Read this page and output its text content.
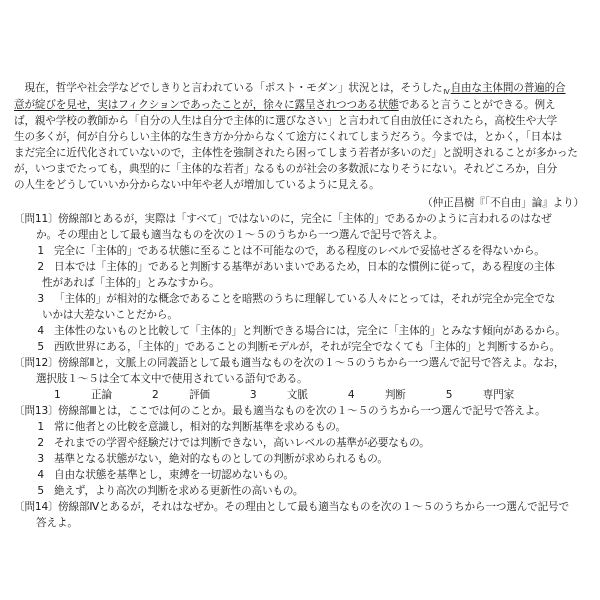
　現在，哲学や社会学などでしきりと言われている「ポスト・モダン」状況とは，そうした$_Ⅳ$自由な主体間の普遍的合
意が綻びを見せ，実はフィクションであったことが，徐々に露呈されつつある状態であると言うことができる。例え
ば，親や学校の教師から「自分の人生は自分で主体的に選びなさい」と言われて自由放任にされたら，高校生や大学
生の多くが，何が自分らしい主体的な生き方か分からなくて途方にくれてしまうだろう。今までは，とかく，「日本は
まだ完全に近代化されていないので，主体性を強制されたら困ってしまう若者が多いのだ」と説明されることが多かった
が，いつまでたっても，典型的に「主体的な若者」なるものが社会の多数派になりそうにない。それどころか，自分
の人生をどうしていいか分からない中年や老人が増加しているように見える。
（仲正昌樹『「不自由」論』より）
〔問11〕傍線部Ⅰとあるが，実際は「すべて」ではないのに，完全に「主体的」であるかのように言われるのはなぜ
か。その理由として最も適当なものを次の１～５のうちから一つ選んで記号で答えよ。
1 完全に「主体的」である状態に至ることは不可能なので，ある程度のレベルで妥協せざるを得ないから。
2 日本では「主体的」であると判断する基準があいまいであるため，日本的な慣例に従って，ある程度の主体
性があれば「主体的」とみなすから。
3 「主体的」が相対的な概念であることを暗黙のうちに理解している人々にとっては，それが完全か完全でな
いかは大差ないことだから。
4 主体性のないものと比較して「主体的」と判断できる場合には，完全に「主体的」とみなす傾向があるから。
5 西欧世界にある，「主体的」であることの判断モデルが，それが完全でなくても「主体的」と判断するから。
〔問12〕傍線部Ⅱと，文脈上の同義語として最も適当なものを次の１～５のうちから一つ選んで記号で答えよ。なお，
選択肢１～５は全て本文中で使用されている語句である。
1　	正論	2　	評価	3　	文脈	4　	判断	5　	専門家
〔問13〕傍線部Ⅲとは，ここでは何のことか。最も適当なものを次の１～５のうちから一つ選んで記号で答えよ。
1 常に他者との比較を意識し，相対的な判断基準を求めるもの。
2 それまでの学習や経験だけでは判断できない，高いレベルの基準が必要なもの。
3 基準となる状態がない，絶対的なものとしての判断が求められるもの。
4 自由な状態を基準とし，束縛を一切認めないもの。
5 絶えず，より高次の判断を求める更新性の高いもの。
〔問14〕傍線部Ⅳとあるが，それはなぜか。その理由として最も適当なものを次の１～５のうちから一つ選んで記号で
答えよ。
